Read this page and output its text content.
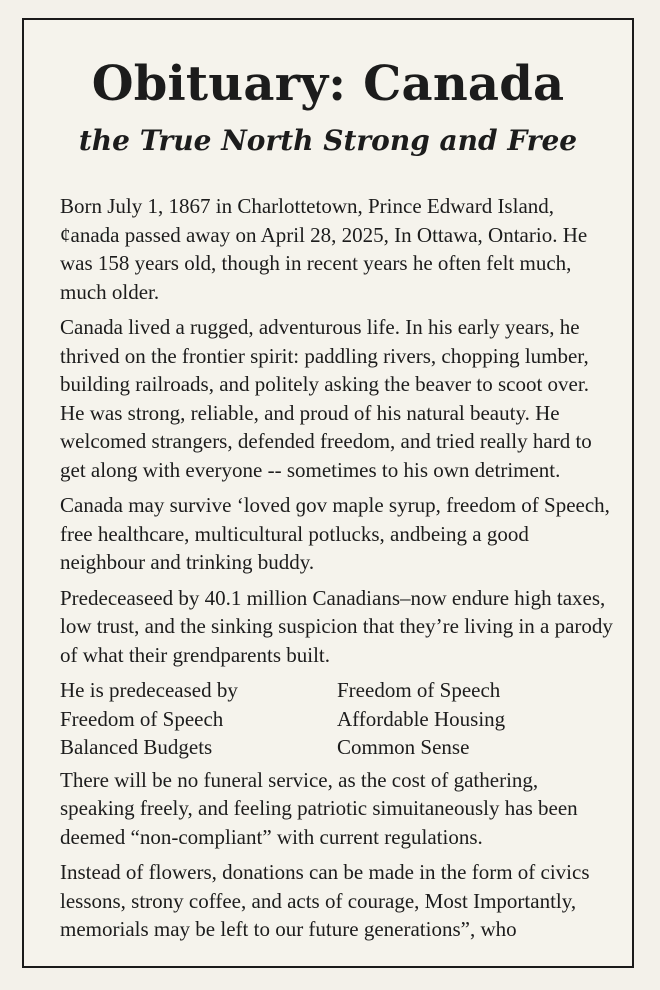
Obituary: Canada
the True North Strong and Free

Born July 1, 1867 in Charlottetown, Prince Edward Island, ȼanada passed away on April 28, 2025, In Ottawa, Ontario. He was 158 years old, though in recent years he often felt much, much older.

Canada lived a rugged, adventurous life. In his early years, he thrived on the frontier spirit: paddling rivers, chopping lumber, building railroads, and politely asking the beaver to scoot over. He was strong, reliable, and proud of his natural beauty. He welcomed strangers, defended freedom, and tried really hard to get along with everyone -- sometimes to his own detriment.

Canada may survive ‘loved ɡov maple syrup, freedom of Speech, free healthcare, multicultural potlucks, andbeing a good neighbour and trinking buddy.

Predeceaseed by 40.1 million Canadians–now endure high taxes, low trust, and the sinking suspicion that they’re living in a parody of what their grendparents built.

He is predeceased by
Freedom of Speech
Balanced Budgets
Freedom of Speech
Affordable Housing
Common Sense

There will be no funeral service, as the cost of gathering, speaking freely, and feeling patriotic simuitaneously has been deemed “non-compliant” with current regulations.

Instead of flowers, donations can be made in the form of civics lessons, strony coffee, and acts of courage, Most Importantly, memorials may be left to our future generations”, who
